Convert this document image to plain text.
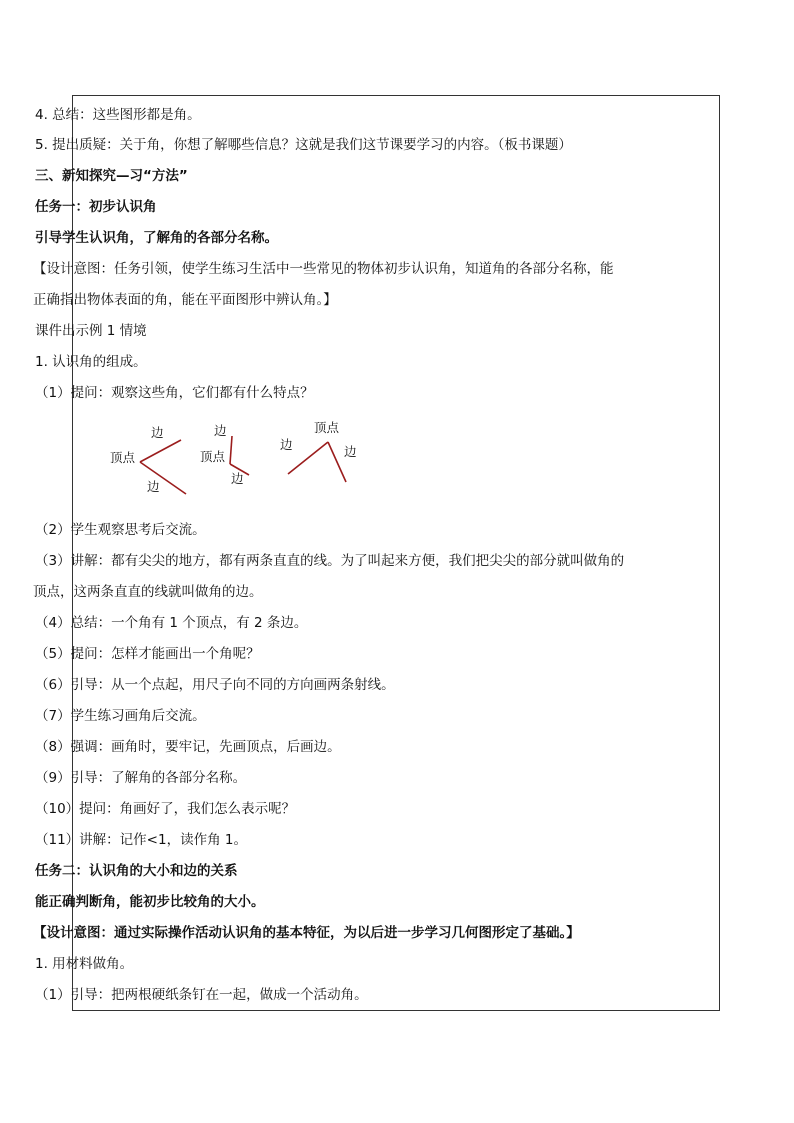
4. 总结：这些图形都是角。
5. 提出质疑：关于角，你想了解哪些信息？这就是我们这节课要学习的内容。（板书课题）
三、新知探究—习“方法”
任务一：初步认识角
引导学生认识角，了解角的各部分名称。
【设计意图：任务引领，使学生练习生活中一些常见的物体初步认识角，知道角的各部分名称，能
正确指出物体表面的角，能在平面图形中辨认角。】
课件出示例 1 情境
1. 认识角的组成。
（1）提问：观察这些角，它们都有什么特点？
顶点
边
边
边
顶点
边
顶点
边	边
（2）学生观察思考后交流。
（3）讲解：都有尖尖的地方，都有两条直直的线。为了叫起来方便，我们把尖尖的部分就叫做角的
顶点，这两条直直的线就叫做角的边。
（4）总结：一个角有 1 个顶点，有 2 条边。
（5）提问：怎样才能画出一个角呢？
（6）引导：从一个点起，用尺子向不同的方向画两条射线。
（7）学生练习画角后交流。
（8）强调：画角时，要牢记，先画顶点，后画边。
（9）引导：了解角的各部分名称。
（10）提问：角画好了，我们怎么表示呢？
（11）讲解：记作<1，读作角 1。
任务二：认识角的大小和边的关系
能正确判断角，能初步比较角的大小。
【设计意图：通过实际操作活动认识角的基本特征，为以后进一步学习几何图形定了基础。】
1. 用材料做角。
（1）引导：把两根硬纸条钉在一起，做成一个活动角。
